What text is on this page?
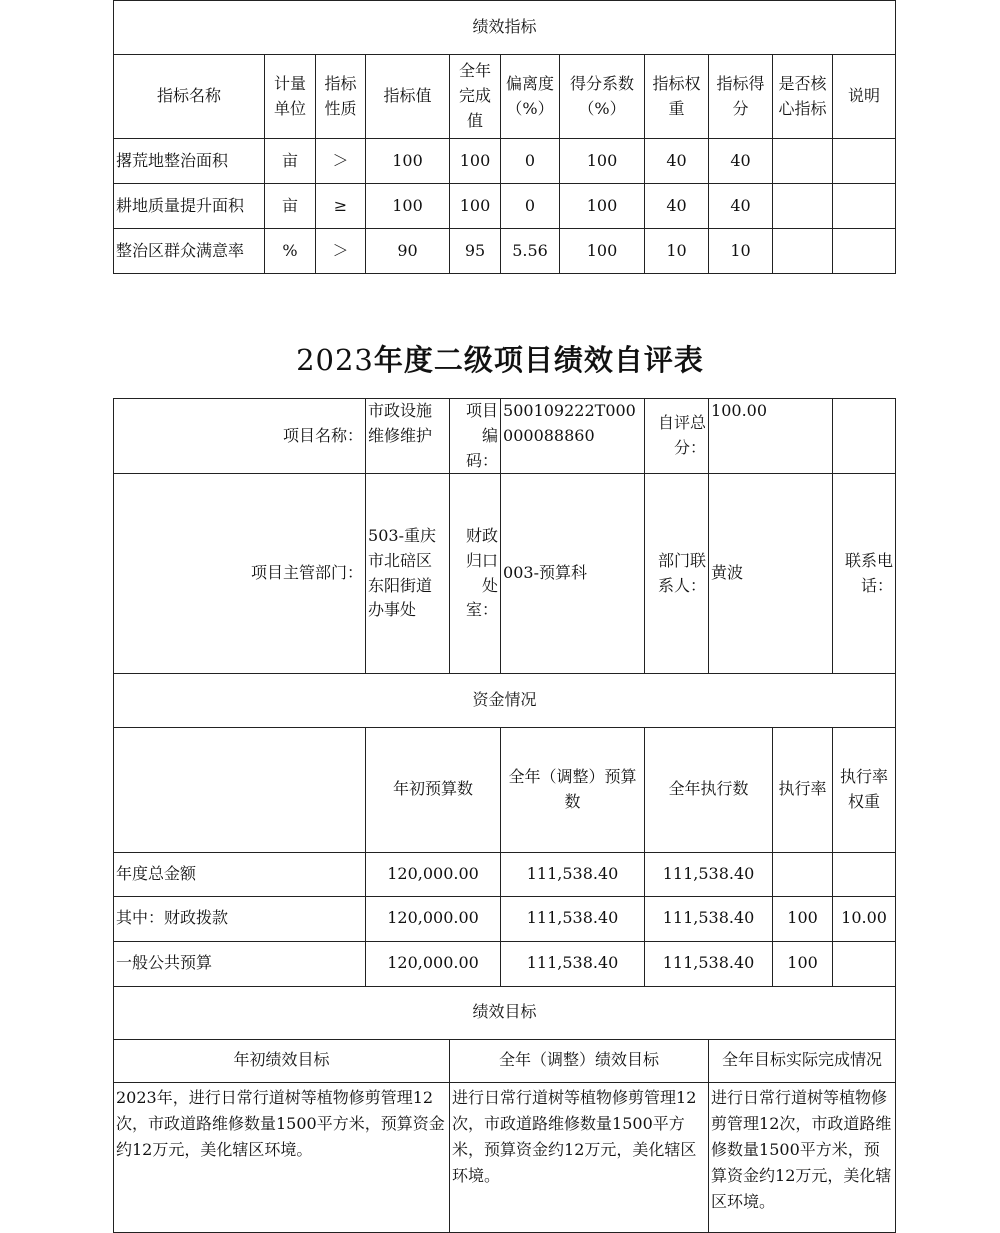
绩效指标										
指标名称	计量单位	指标性质	指标值	全年完成值	偏离度（%）	得分系数（%）	指标权重	指标得分	是否核心指标	说明
撂荒地整治面积	亩	＞	100	100	0	100	40	40		
耕地质量提升面积	亩	≥	100	100	0	100	40	40		
整治区群众满意率	%	＞	90	95	5.56	100	10	10		
2023年度二级项目绩效自评表
项目名称：	市政设施维修维护	项目编码：	500109222T000000088860	自评总分：	100.00			
项目主管部门：	503-重庆市北碚区东阳街道办事处	财政归口处室：	003-预算科	部门联系人：	黄波		联系电话：	
资金情况								
	年初预算数		全年（调整）预算数	全年执行数		执行率	执行率权重	
年度总金额	120,000.00		111,538.40	111,538.40				
其中：财政拨款	120,000.00		111,538.40	111,538.40		100	10.00	
一般公共预算	120,000.00		111,538.40	111,538.40		100		
绩效目标								
年初绩效目标		全年（调整）绩效目标			全年目标实际完成情况			
2023年，进行日常行道树等植物修剪管理12次，市政道路维修数量1500平方米，预算资金约12万元，美化辖区环境。		进行日常行道树等植物修剪管理12次，市政道路维修数量1500平方米，预算资金约12万元，美化辖区环境。			进行日常行道树等植物修剪管理12次，市政道路维修数量1500平方米，预算资金约12万元，美化辖区环境。			
